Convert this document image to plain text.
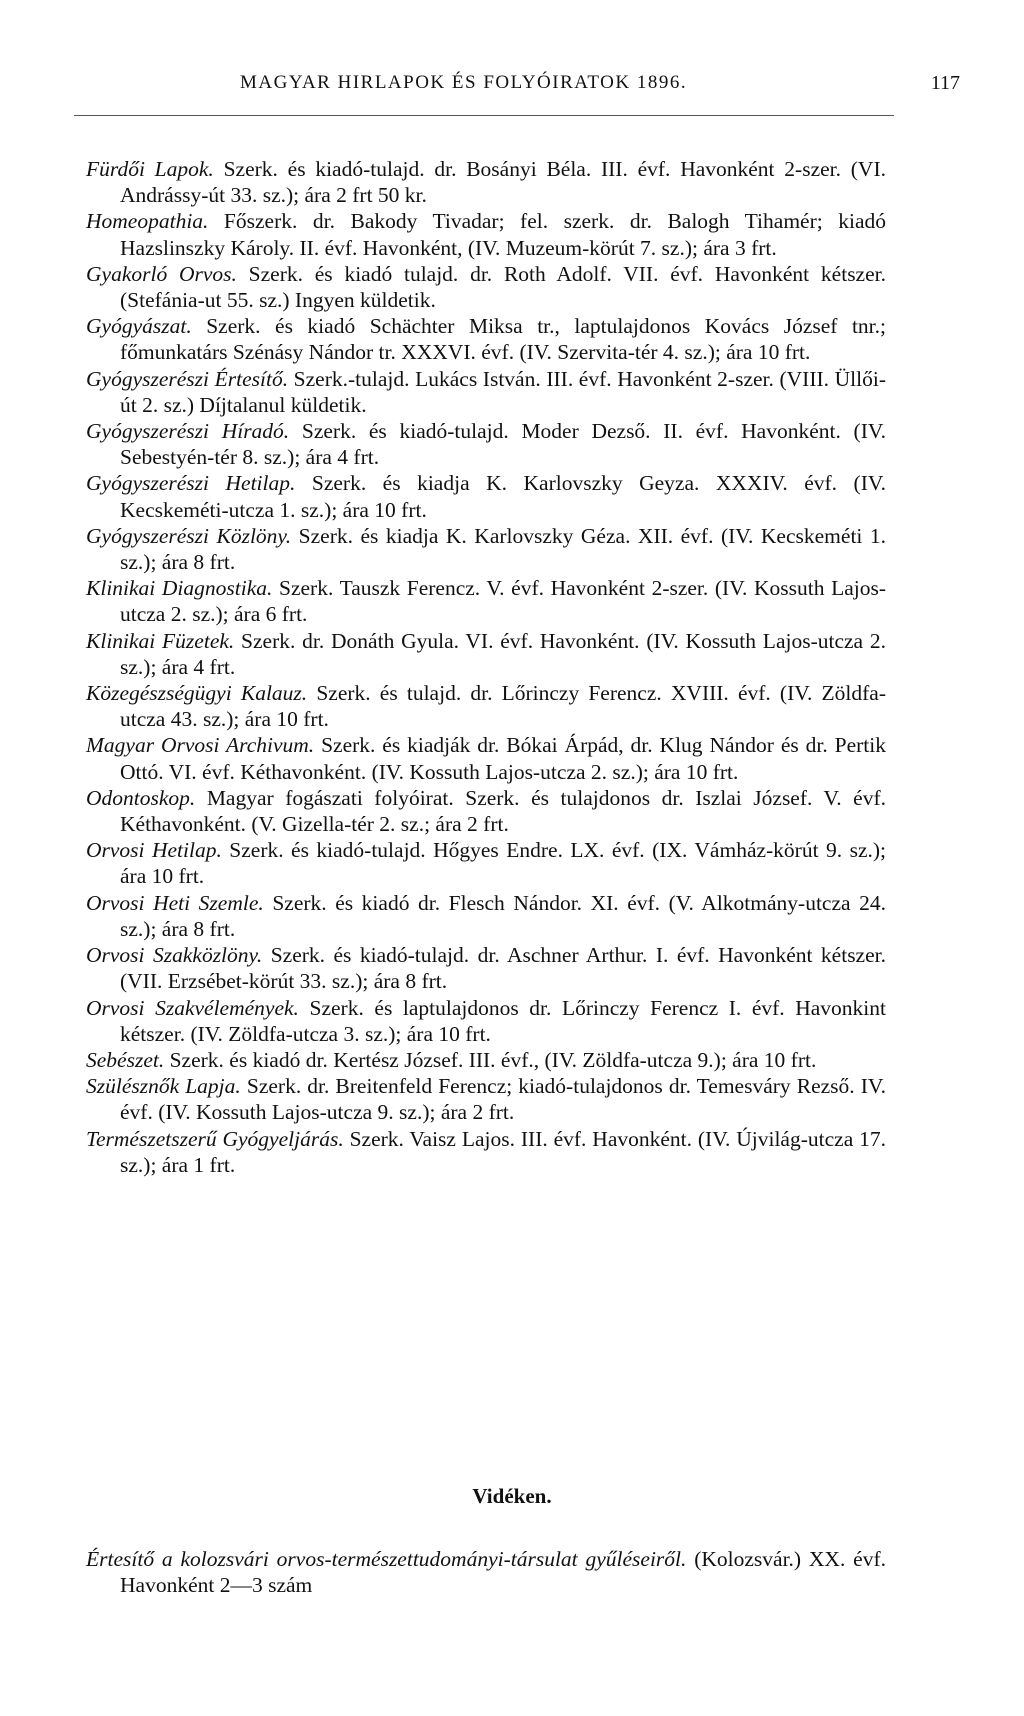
MAGYAR HIRLAPOK ÉS FOLYÓIRATOK 1896.	117
Fürdői Lapok. Szerk. és kiadó-tulajd. dr. Bosányi Béla. III. évf. Havonként 2-szer. (VI. Andrássy-út 33. sz.); ára 2 frt 50 kr.
Homeopathia. Főszerk. dr. Bakody Tivadar; fel. szerk. dr. Balogh Tihamér; kiadó Hazslinszky Károly. II. évf. Havonként, (IV. Muzeum-körút 7. sz.); ára 3 frt.
Gyakorló Orvos. Szerk. és kiadó tulajd. dr. Roth Adolf. VII. évf. Havonként kétszer. (Stefánia-ut 55. sz.) Ingyen küldetik.
Gyógyászat. Szerk. és kiadó Schächter Miksa tr., laptulajdonos Kovács József tnr.; főmunkatárs Szénásy Nándor tr. XXXVI. évf. (IV. Szervita-tér 4. sz.); ára 10 frt.
Gyógyszerészi Értesítő. Szerk.-tulajd. Lukács István. III. évf. Havonként 2-szer. (VIII. Üllői-út 2. sz.) Díjtalanul küldetik.
Gyógyszerészi Híradó. Szerk. és kiadó-tulajd. Moder Dezső. II. évf. Havonként. (IV. Sebestyén-tér 8. sz.); ára 4 frt.
Gyógyszerészi Hetilap. Szerk. és kiadja K. Karlovszky Geyza. XXXIV. évf. (IV. Kecskeméti-utcza 1. sz.); ára 10 frt.
Gyógyszerészi Közlöny. Szerk. és kiadja K. Karlovszky Géza. XII. évf. (IV. Kecskeméti 1. sz.); ára 8 frt.
Klinikai Diagnostika. Szerk. Tauszk Ferencz. V. évf. Havonként 2-szer. (IV. Kossuth Lajos-utcza 2. sz.); ára 6 frt.
Klinikai Füzetek. Szerk. dr. Donáth Gyula. VI. évf. Havonként. (IV. Kossuth Lajos-utcza 2. sz.); ára 4 frt.
Közegészségügyi Kalauz. Szerk. és tulajd. dr. Lőrinczy Ferencz. XVIII. évf. (IV. Zöldfa-utcza 43. sz.); ára 10 frt.
Magyar Orvosi Archivum. Szerk. és kiadják dr. Bókai Árpád, dr. Klug Nándor és dr. Pertik Ottó. VI. évf. Kéthavonként. (IV. Kossuth Lajos-utcza 2. sz.); ára 10 frt.
Odontoskop. Magyar fogászati folyóirat. Szerk. és tulajdonos dr. Iszlai József. V. évf. Kéthavonként. (V. Gizella-tér 2. sz.; ára 2 frt.
Orvosi Hetilap. Szerk. és kiadó-tulajd. Hőgyes Endre. LX. évf. (IX. Vámház-körút 9. sz.); ára 10 frt.
Orvosi Heti Szemle. Szerk. és kiadó dr. Flesch Nándor. XI. évf. (V. Alkotmány-utcza 24. sz.); ára 8 frt.
Orvosi Szakközlöny. Szerk. és kiadó-tulajd. dr. Aschner Arthur. I. évf. Havonként kétszer. (VII. Erzsébet-körút 33. sz.); ára 8 frt.
Orvosi Szakvélemények. Szerk. és laptulajdonos dr. Lőrinczy Ferencz I. évf. Havonkint kétszer. (IV. Zöldfa-utcza 3. sz.); ára 10 frt.
Sebészet. Szerk. és kiadó dr. Kertész József. III. évf., (IV. Zöldfa-utcza 9.); ára 10 frt.
Szülésznők Lapja. Szerk. dr. Breitenfeld Ferencz; kiadó-tulajdonos dr. Temesváry Rezső. IV. évf. (IV. Kossuth Lajos-utcza 9. sz.); ára 2 frt.
Természetszerű Gyógyeljárás. Szerk. Vaisz Lajos. III. évf. Havonként. (IV. Újvilág-utcza 17. sz.); ára 1 frt.
Vidéken.
Értesítő a kolozsvári orvos-természettudományi-társulat gyűléseiről. (Kolozsvár.) XX. évf. Havonként 2—3 szám
